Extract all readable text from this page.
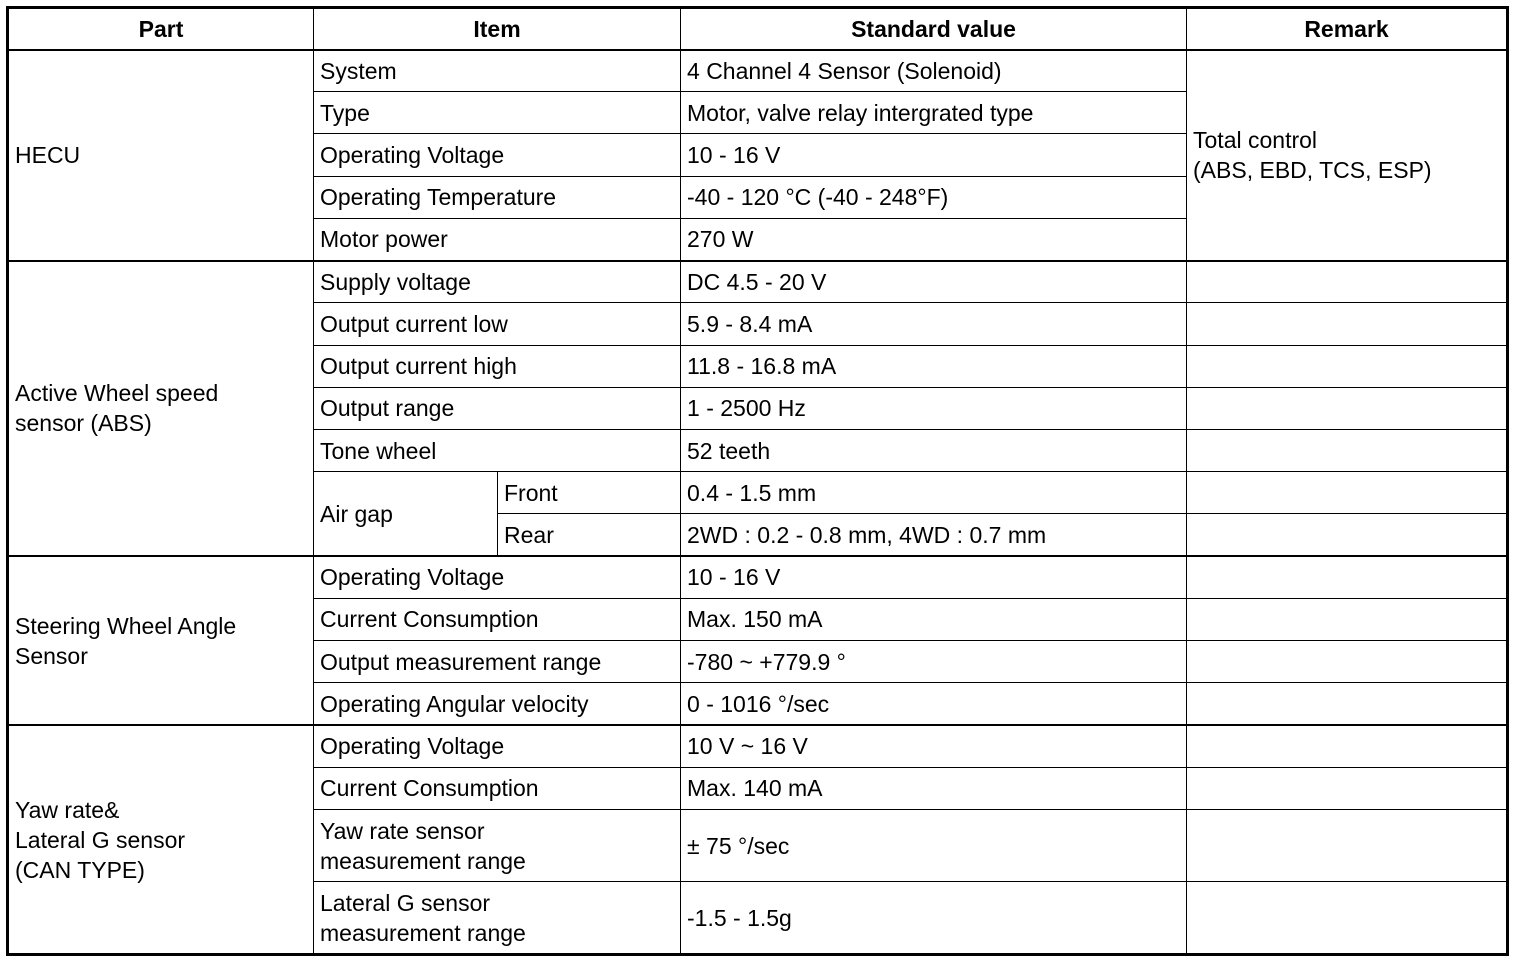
Part	Item		Standard value	Remark
HECU	System		4 Channel 4 Sensor (Solenoid)	Total control
(ABS, EBD, TCS, ESP)
	Type		Motor, valve relay intergrated type	
	Operating Voltage		10 - 16 V	
	Operating Temperature		-40 - 120 °C (-40 - 248°F)	
	Motor power		270 W	
Active Wheel speed
sensor (ABS)	Supply voltage		DC 4.5 - 20 V	
	Output current low		5.9 - 8.4 mA	
	Output current high		11.8 - 16.8 mA	
	Output range		1 - 2500 Hz	
	Tone wheel		52 teeth	
	Air gap	Front	0.4 - 1.5 mm	
		Rear	2WD : 0.2 - 0.8 mm, 4WD : 0.7 mm	
Steering Wheel Angle
Sensor	Operating Voltage		10 - 16 V	
	Current Consumption		Max. 150 mA	
	Output measurement range		-780 ~ +779.9 °	
	Operating Angular velocity		0 - 1016 °/sec	
Yaw rate&
Lateral G sensor
(CAN TYPE)	Operating Voltage		10 V ~ 16 V	
	Current Consumption		Max. 140 mA	
	Yaw rate sensor
measurement range		± 75 °/sec	
	Lateral G sensor
measurement range		-1.5 - 1.5g	
